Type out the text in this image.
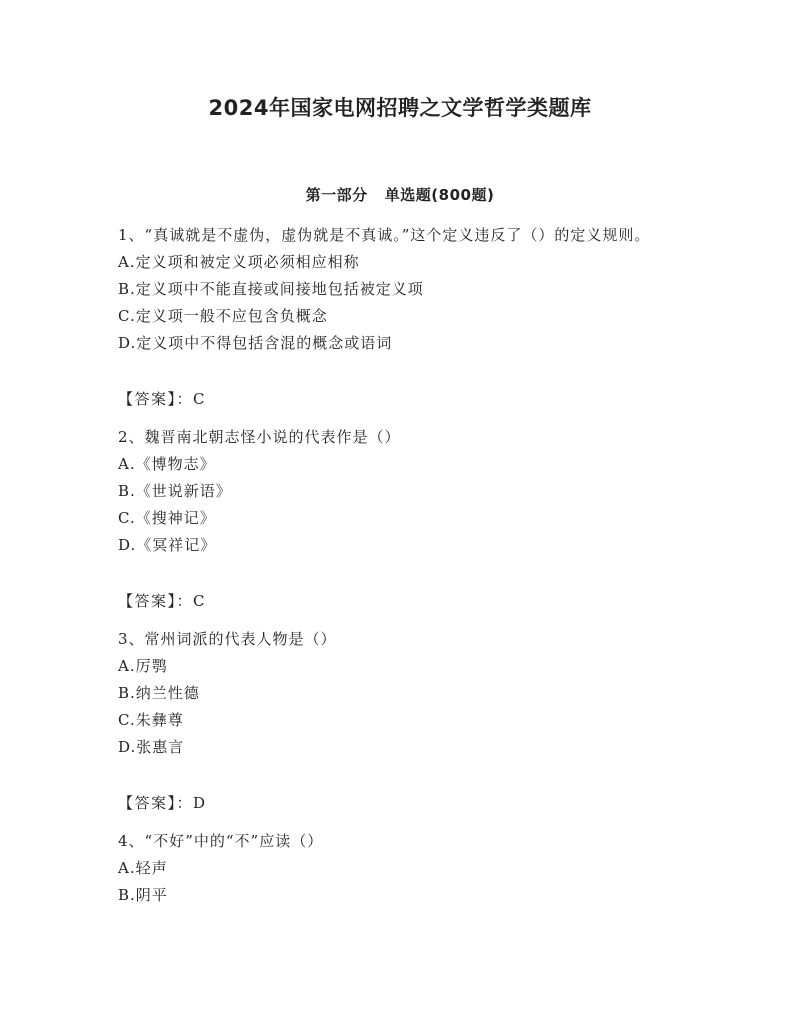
2024年国家电网招聘之文学哲学类题库
第一部分   单选题(800题)

1、“真诚就是不虚伪，虚伪就是不真诚。”这个定义违反了（）的定义规则。

A.定义项和被定义项必须相应相称

B.定义项中不能直接或间接地包括被定义项

C.定义项一般不应包含负概念

D.定义项中不得包括含混的概念或语词

【答案】：C

2、魏晋南北朝志怪小说的代表作是（）

A.《博物志》

B.《世说新语》

C.《搜神记》

D.《冥祥记》

【答案】：C

3、常州词派的代表人物是（）

A.厉鹗

B.纳兰性德

C.朱彝尊

D.张惠言

【答案】：D

4、“不好”中的“不”应读（）

A.轻声

B.阴平
